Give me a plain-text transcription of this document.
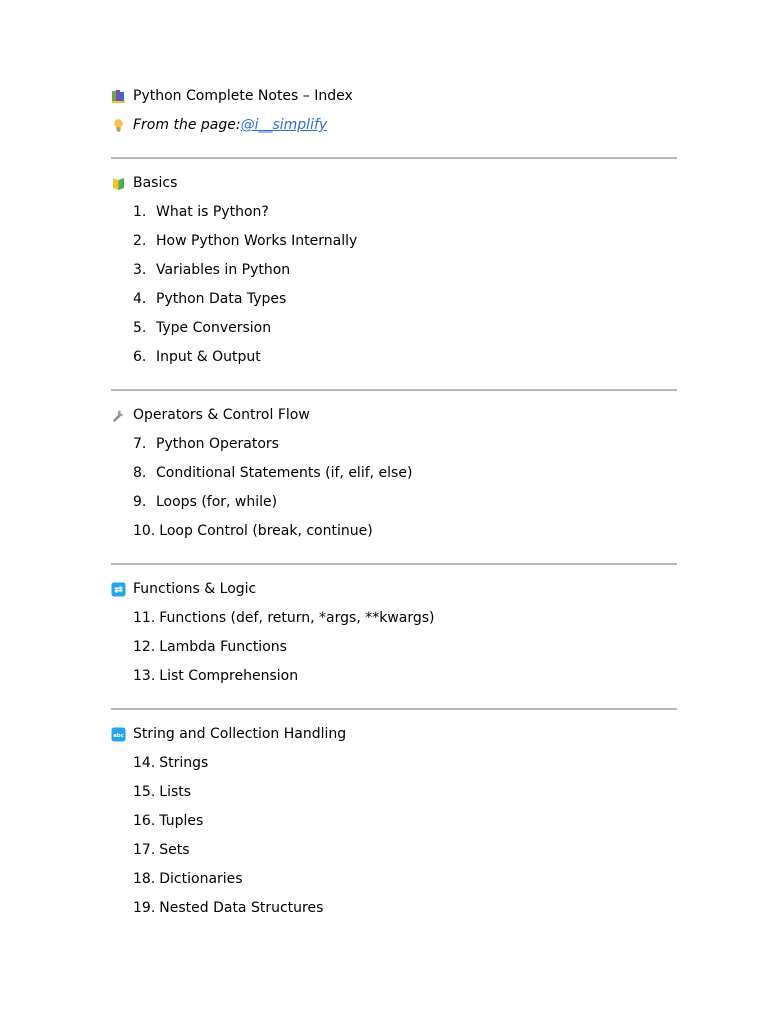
Python Complete Notes – Index
From the page: @i__simplify
Basics
1. What is Python?
2. How Python Works Internally
3. Variables in Python
4. Python Data Types
5. Type Conversion
6. Input & Output
Operators & Control Flow
7. Python Operators
8. Conditional Statements (if, elif, else)
9. Loops (for, while)
10. Loop Control (break, continue)
Functions & Logic
11. Functions (def, return, *args, **kwargs)
12. Lambda Functions
13. List Comprehension
abc String and Collection Handling
14. Strings
15. Lists
16. Tuples
17. Sets
18. Dictionaries
19. Nested Data Structures
